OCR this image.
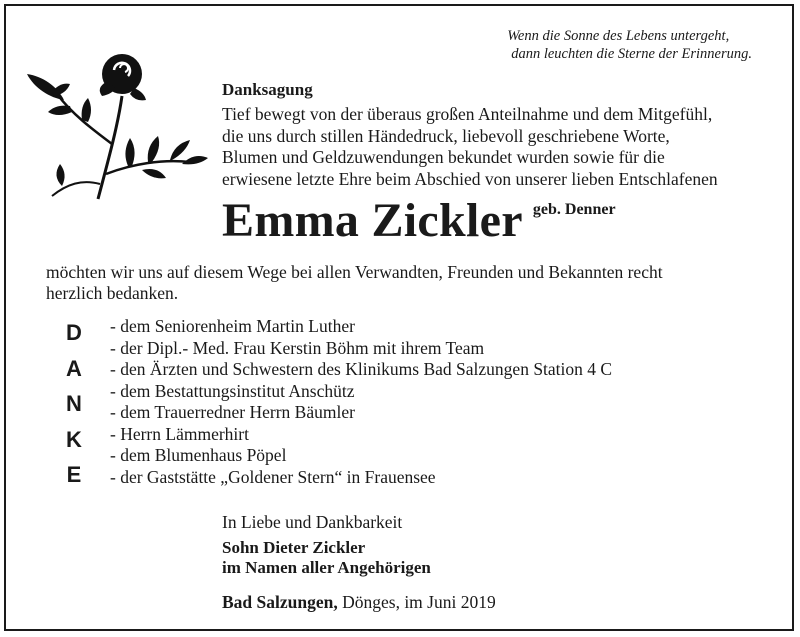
Wenn die Sonne des Lebens untergeht,
dann leuchten die Sterne der Erinnerung.
Danksagung
Tief bewegt von der überaus großen Anteilnahme und dem Mitgefühl,
die uns durch stillen Händedruck, liebevoll geschriebene Worte,
Blumen und Geldzuwendungen bekundet wurden sowie für die
erwiesene letzte Ehre beim Abschied von unserer lieben Entschlafenen
Emma Zickler geb. Denner
möchten wir uns auf diesem Wege bei allen Verwandten, Freunden und Bekannten recht
herzlich bedanken.
D
A
N
K
E
- dem Seniorenheim Martin Luther
- der Dipl.- Med. Frau Kerstin Böhm mit ihrem Team
- den Ärzten und Schwestern des Klinikums Bad Salzungen Station 4 C
- dem Bestattungsinstitut Anschütz
- dem Trauerredner Herrn Bäumler
- Herrn Lämmerhirt
- dem Blumenhaus Pöpel
- der Gaststätte „Goldener Stern“ in Frauensee
In Liebe und Dankbarkeit
Sohn Dieter Zickler
im Namen aller Angehörigen
Bad Salzungen, Dönges, im Juni 2019
